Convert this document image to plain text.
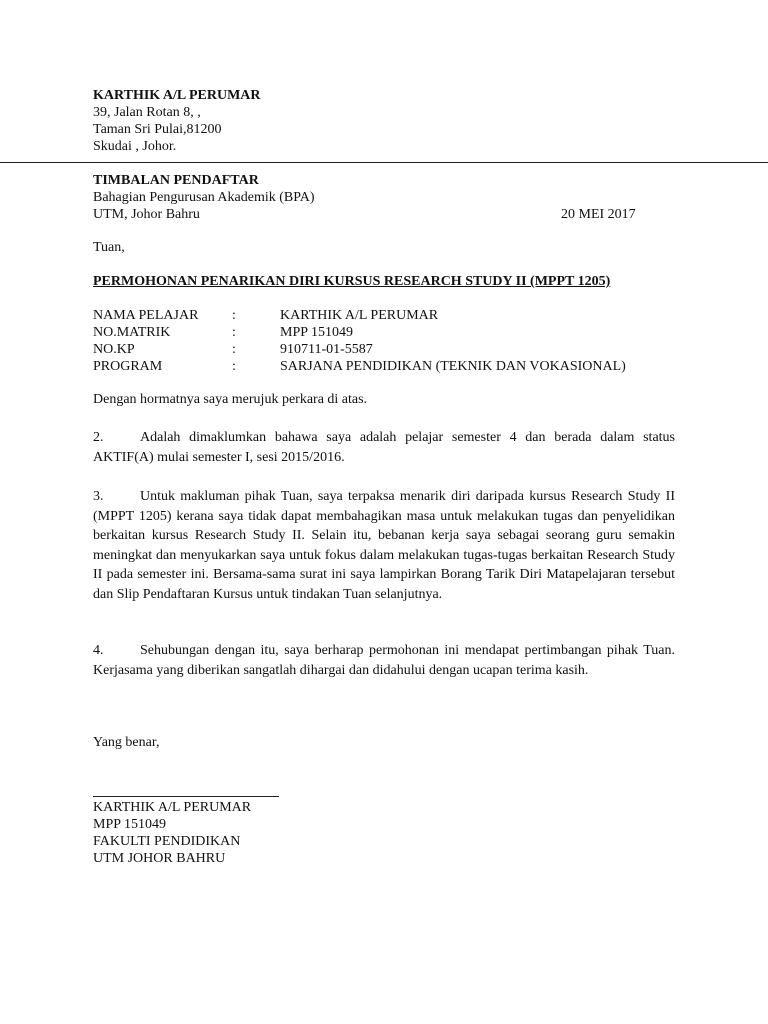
KARTHIK A/L PERUMAR
39, Jalan Rotan 8, ,
Taman Sri Pulai,81200
Skudai , Johor.
TIMBALAN PENDAFTAR
Bahagian Pengurusan Akademik (BPA)
UTM, Johor Bahru	20 MEI 2017
Tuan,
PERMOHONAN PENARIKAN DIRI KURSUS RESEARCH STUDY II (MPPT 1205)
NAMA PELAJAR :	KARTHIK A/L PERUMAR
NO.MATRIK	:	MPP 151049
NO.KP	:	910711-01-5587
PROGRAM	:	SARJANA PENDIDIKAN (TEKNIK DAN VOKASIONAL)
Dengan hormatnya saya merujuk perkara di atas.
2.	Adalah dimaklumkan bahawa saya adalah pelajar semester 4 dan berada dalam status AKTIF(A) mulai semester I, sesi 2015/2016.
3.	Untuk makluman pihak Tuan, saya terpaksa menarik diri daripada kursus Research Study II (MPPT 1205) kerana saya tidak dapat membahagikan masa untuk melakukan tugas dan penyelidikan berkaitan kursus Research Study II. Selain itu, bebanan kerja saya sebagai seorang guru semakin meningkat dan menyukarkan saya untuk fokus dalam melakukan tugas-tugas berkaitan Research Study II pada semester ini. Bersama-sama surat ini saya lampirkan Borang Tarik Diri Matapelajaran tersebut dan Slip Pendaftaran Kursus untuk tindakan Tuan selanjutnya.
4.	Sehubungan dengan itu, saya berharap permohonan ini mendapat pertimbangan pihak Tuan. Kerjasama yang diberikan sangatlah dihargai dan didahului dengan ucapan terima kasih.
Yang benar,
KARTHIK A/L PERUMAR
MPP 151049
FAKULTI PENDIDIKAN
UTM JOHOR BAHRU
